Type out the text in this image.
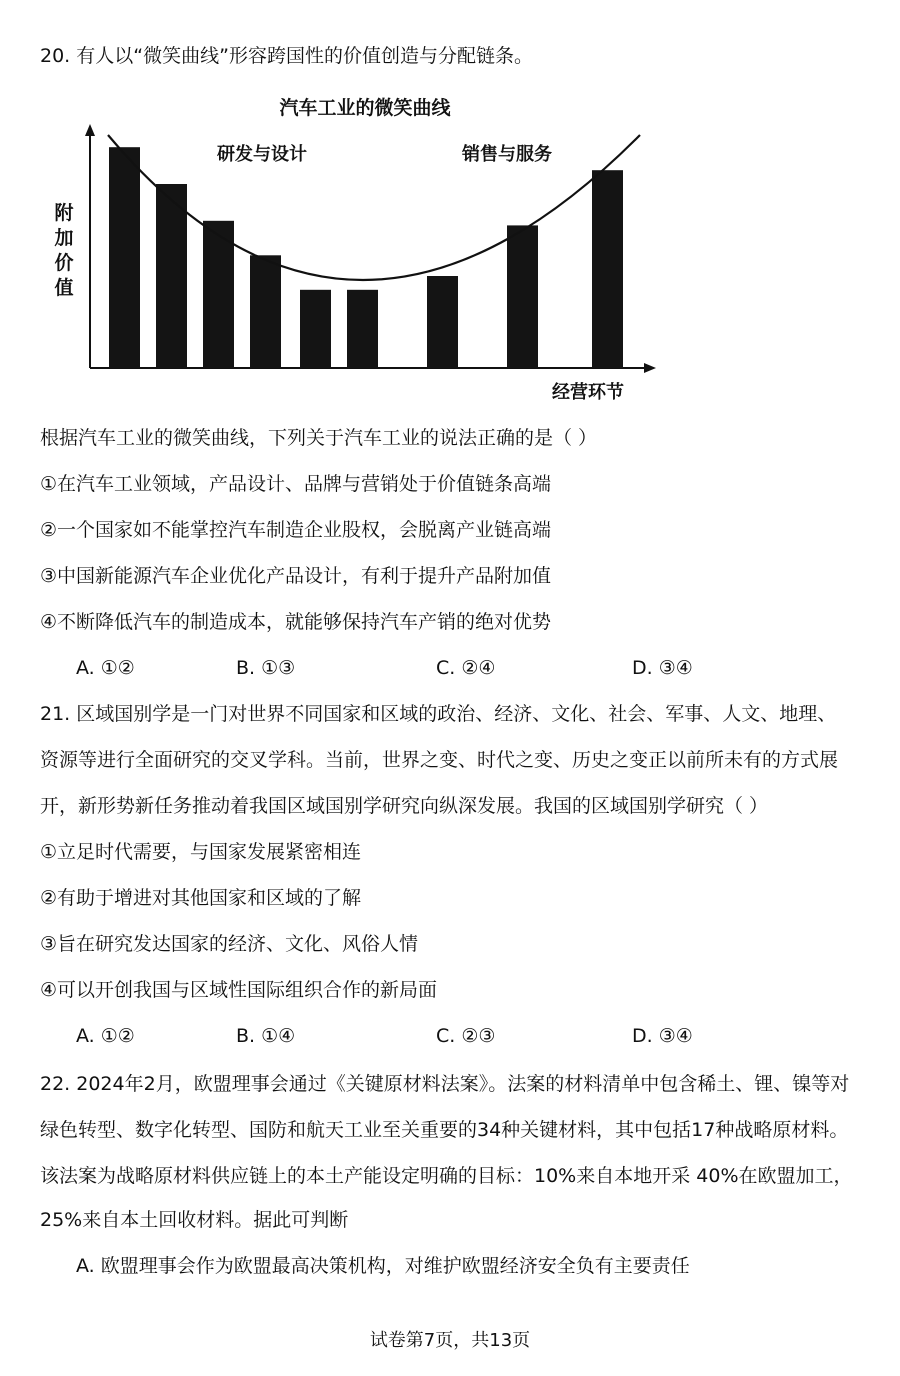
20. 有人以“微笑曲线”形容跨国性的价值创造与分配链条。
汽车工业的微笑曲线
研发与设计	销售与服务
附
加
价
值
经营环节
根据汽车工业的微笑曲线，下列关于汽车工业的说法正确的是（ ）
①在汽车工业领域，产品设计、品牌与营销处于价值链条高端
②一个国家如不能掌控汽车制造企业股权，会脱离产业链高端
③中国新能源汽车企业优化产品设计，有利于提升产品附加值
④不断降低汽车的制造成本，就能够保持汽车产销的绝对优势
A. ①②	B. ①③	C. ②④	D. ③④
21. 区域国别学是一门对世界不同国家和区域的政治、经济、文化、社会、军事、人文、地理、
资源等进行全面研究的交叉学科。当前，世界之变、时代之变、历史之变正以前所未有的方式展
开，新形势新任务推动着我国区域国别学研究向纵深发展。我国的区域国别学研究（ ）
①立足时代需要，与国家发展紧密相连
②有助于增进对其他国家和区域的了解
③旨在研究发达国家的经济、文化、风俗人情
④可以开创我国与区域性国际组织合作的新局面
A. ①②	B. ①④	C. ②③	D. ③④
22. 2024年2月，欧盟理事会通过《关键原材料法案》。法案的材料清单中包含稀土、锂、镍等对
绿色转型、数字化转型、国防和航天工业至关重要的34种关键材料，其中包括17种战略原材料。
该法案为战略原材料供应链上的本土产能设定明确的目标：10%来自本地开采 40%在欧盟加工，
25%来自本土回收材料。据此可判断
A. 欧盟理事会作为欧盟最高决策机构，对维护欧盟经济安全负有主要责任
试卷第7页，共13页
